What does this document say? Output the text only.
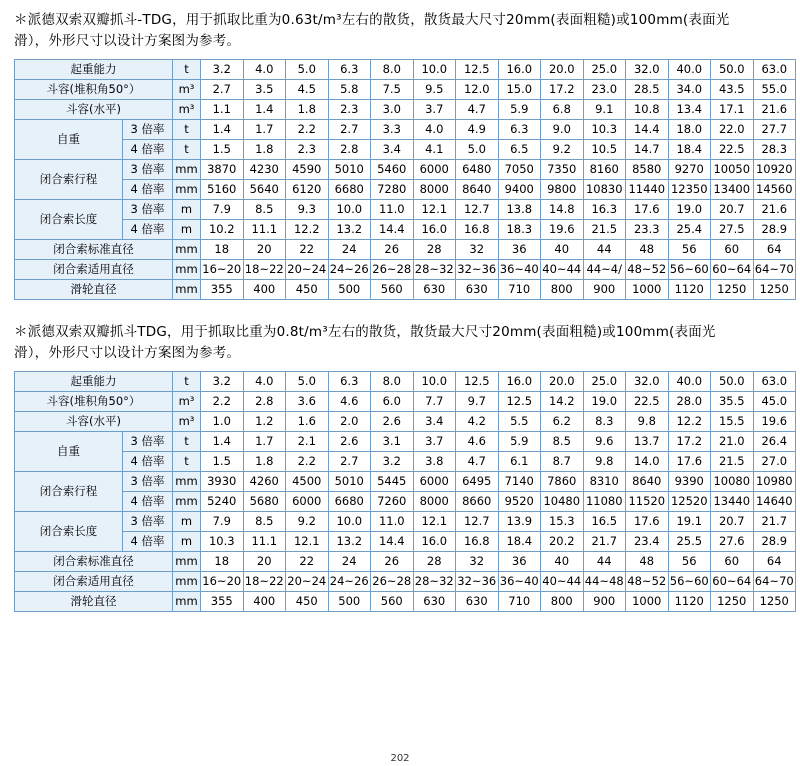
＊派德双索双瓣抓斗-TDG，用于抓取比重为0.63t/m³左右的散货，散货最大尺寸20mm(表面粗糙)或100mm(表面光
滑），外形尺寸以设计方案图为参考。
起重能力		t	3.2	4.0	5.0	6.3	8.0	10.0	12.5	16.0	20.0	25.0	32.0	40.0	50.0	63.0
斗容(堆积角50°）		m³	2.7	3.5	4.5	5.8	7.5	9.5	12.0	15.0	17.2	23.0	28.5	34.0	43.5	55.0
斗容(水平)		m³	1.1	1.4	1.8	2.3	3.0	3.7	4.7	5.9	6.8	9.1	10.8	13.4	17.1	21.6
自重	3 倍率	t	1.4	1.7	2.2	2.7	3.3	4.0	4.9	6.3	9.0	10.3	14.4	18.0	22.0	27.7
	4 倍率	t	1.5	1.8	2.3	2.8	3.4	4.1	5.0	6.5	9.2	10.5	14.7	18.4	22.5	28.3
闭合索行程	3 倍率	mm	3870	4230	4590	5010	5460	6000	6480	7050	7350	8160	8580	9270	10050	10920
	4 倍率	mm	5160	5640	6120	6680	7280	8000	8640	9400	9800	10830	11440	12350	13400	14560
闭合索长度	3 倍率	m	7.9	8.5	9.3	10.0	11.0	12.1	12.7	13.8	14.8	16.3	17.6	19.0	20.7	21.6
	4 倍率	m	10.2	11.1	12.2	13.2	14.4	16.0	16.8	18.3	19.6	21.5	23.3	25.4	27.5	28.9
闭合索标准直径		mm	18	20	22	24	26	28	32	36	40	44	48	56	60	64
闭合索适用直径		mm	16~20	18~22	20~24	24~26	26~28	28~32	32~36	36~40	40~44	44~4/	48~52	56~60	60~64	64~70
滑轮直径		mm	355	400	450	500	560	630	630	710	800	900	1000	1120	1250	1250
＊派德双索双瓣抓斗TDG，用于抓取比重为0.8t/m³左右的散货，散货最大尺寸20mm(表面粗糙)或100mm(表面光
滑），外形尺寸以设计方案图为参考。
起重能力		t	3.2	4.0	5.0	6.3	8.0	10.0	12.5	16.0	20.0	25.0	32.0	40.0	50.0	63.0
斗容(堆积角50°）		m³	2.2	2.8	3.6	4.6	6.0	7.7	9.7	12.5	14.2	19.0	22.5	28.0	35.5	45.0
斗容(水平)		m³	1.0	1.2	1.6	2.0	2.6	3.4	4.2	5.5	6.2	8.3	9.8	12.2	15.5	19.6
自重	3 倍率	t	1.4	1.7	2.1	2.6	3.1	3.7	4.6	5.9	8.5	9.6	13.7	17.2	21.0	26.4
	4 倍率	t	1.5	1.8	2.2	2.7	3.2	3.8	4.7	6.1	8.7	9.8	14.0	17.6	21.5	27.0
闭合索行程	3 倍率	mm	3930	4260	4500	5010	5445	6000	6495	7140	7860	8310	8640	9390	10080	10980
	4 倍率	mm	5240	5680	6000	6680	7260	8000	8660	9520	10480	11080	11520	12520	13440	14640
闭合索长度	3 倍率	m	7.9	8.5	9.2	10.0	11.0	12.1	12.7	13.9	15.3	16.5	17.6	19.1	20.7	21.7
	4 倍率	m	10.3	11.1	12.1	13.2	14.4	16.0	16.8	18.4	20.2	21.7	23.4	25.5	27.6	28.9
闭合索标准直径		mm	18	20	22	24	26	28	32	36	40	44	48	56	60	64
闭合索适用直径		mm	16~20	18~22	20~24	24~26	26~28	28~32	32~36	36~40	40~44	44~48	48~52	56~60	60~64	64~70
滑轮直径		mm	355	400	450	500	560	630	630	710	800	900	1000	1120	1250	1250
202
